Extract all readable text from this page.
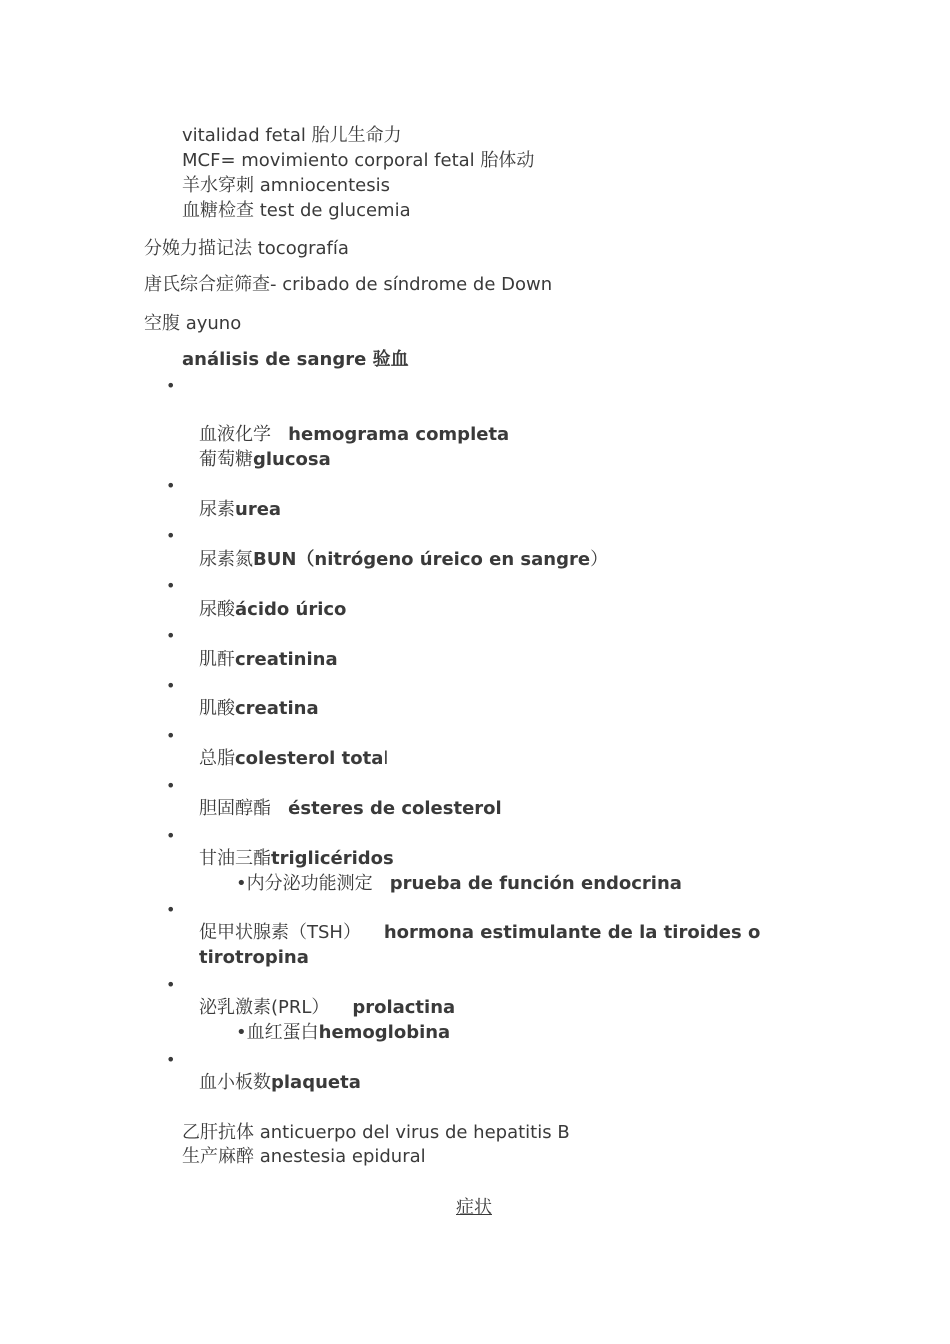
vitalidad fetal 胎儿生命力
MCF= movimiento corporal fetal 胎体动
羊水穿刺 amniocentesis
血糖检查 test de glucemia
分娩力描记法 tocografía
唐氏综合症筛查- cribado de síndrome de Down
空腹 ayuno
análisis de sangre 验血
•
•
•
•
•
•
•
•
•
•
•
•
血液化学 hemograma completa
葡萄糖glucosa
尿素urea
尿素氮BUN（nitrógeno úreico en sangre）
尿酸ácido úrico
肌酐creatinina
肌酸creatina
总脂colesterol total
胆固醇酯 ésteres de colesterol
甘油三酯triglicéridos
•内分泌功能测定 prueba de función endocrina
促甲状腺素（TSH） hormona estimulante de la tiroides o
tirotropina
泌乳激素(PRL） prolactina
•血红蛋白hemoglobina
血小板数plaqueta
乙肝抗体 anticuerpo del virus de hepatitis B
生产麻醉 anestesia epidural
症状
